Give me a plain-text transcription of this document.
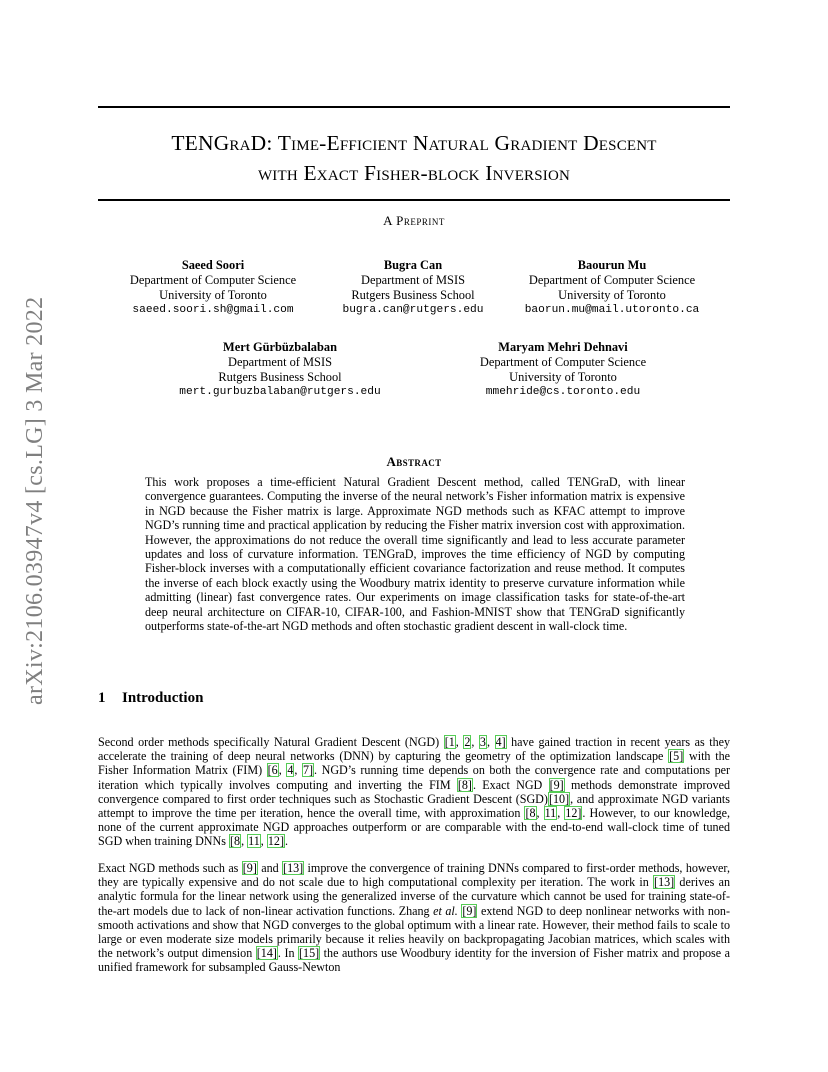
arXiv:2106.03947v4 [cs.LG] 3 Mar 2022
TENGraD: Time-Efficient Natural Gradient Descent
with Exact Fisher-block Inversion
A Preprint
Saeed Soori
Department of Computer Science
University of Toronto
saeed.soori.sh@gmail.com
Bugra Can
Department of MSIS
Rutgers Business School
bugra.can@rutgers.edu
Baourun Mu
Department of Computer Science
University of Toronto
baorun.mu@mail.utoronto.ca
Mert Gürbüzbalaban
Department of MSIS
Rutgers Business School
mert.gurbuzbalaban@rutgers.edu
Maryam Mehri Dehnavi
Department of Computer Science
University of Toronto
mmehride@cs.toronto.edu
Abstract

This work proposes a time-efficient Natural Gradient Descent method, called TENGraD, with linear convergence guarantees. Computing the inverse of the neural network’s Fisher information matrix is expensive in NGD because the Fisher matrix is large. Approximate NGD methods such as KFAC attempt to improve NGD’s running time and practical application by reducing the Fisher matrix inversion cost with approximation. However, the approximations do not reduce the overall time significantly and lead to less accurate parameter updates and loss of curvature information. TENGraD, improves the time efficiency of NGD by computing Fisher-block inverses with a computationally efficient covariance factorization and reuse method. It computes the inverse of each block exactly using the Woodbury matrix identity to preserve curvature information while admitting (linear) fast convergence rates. Our experiments on image classification tasks for state-of-the-art deep neural architecture on CIFAR-10, CIFAR-100, and Fashion-MNIST show that TENGraD significantly outperforms state-of-the-art NGD methods and often stochastic gradient descent in wall-clock time.

1 Introduction

Second order methods specifically Natural Gradient Descent (NGD) [1, 2, 3, 4] have gained traction in recent years as they accelerate the training of deep neural networks (DNN) by capturing the geometry of the optimization landscape [5] with the Fisher Information Matrix (FIM) [6, 4, 7]. NGD’s running time depends on both the convergence rate and computations per iteration which typically involves computing and inverting the FIM [8]. Exact NGD [9] methods demonstrate improved convergence compared to first order techniques such as Stochastic Gradient Descent (SGD)[10], and approximate NGD variants attempt to improve the time per iteration, hence the overall time, with approximation [8, 11, 12]. However, to our knowledge, none of the current approximate NGD approaches outperform or are comparable with the end-to-end wall-clock time of tuned SGD when training DNNs [8, 11, 12].

Exact NGD methods such as [9] and [13] improve the convergence of training DNNs compared to first-order methods, however, they are typically expensive and do not scale due to high computational complexity per iteration. The work in [13] derives an analytic formula for the linear network using the generalized inverse of the curvature which cannot be used for training state-of-the-art models due to lack of non-linear activation functions. Zhang et al. [9] extend NGD to deep nonlinear networks with non-smooth activations and show that NGD converges to the global optimum with a linear rate. However, their method fails to scale to large or even moderate size models primarily because it relies heavily on backpropagating Jacobian matrices, which scales with the network’s output dimension [14]. In [15] the authors use Woodbury identity for the inversion of Fisher matrix and propose a unified framework for subsampled Gauss-Newton
